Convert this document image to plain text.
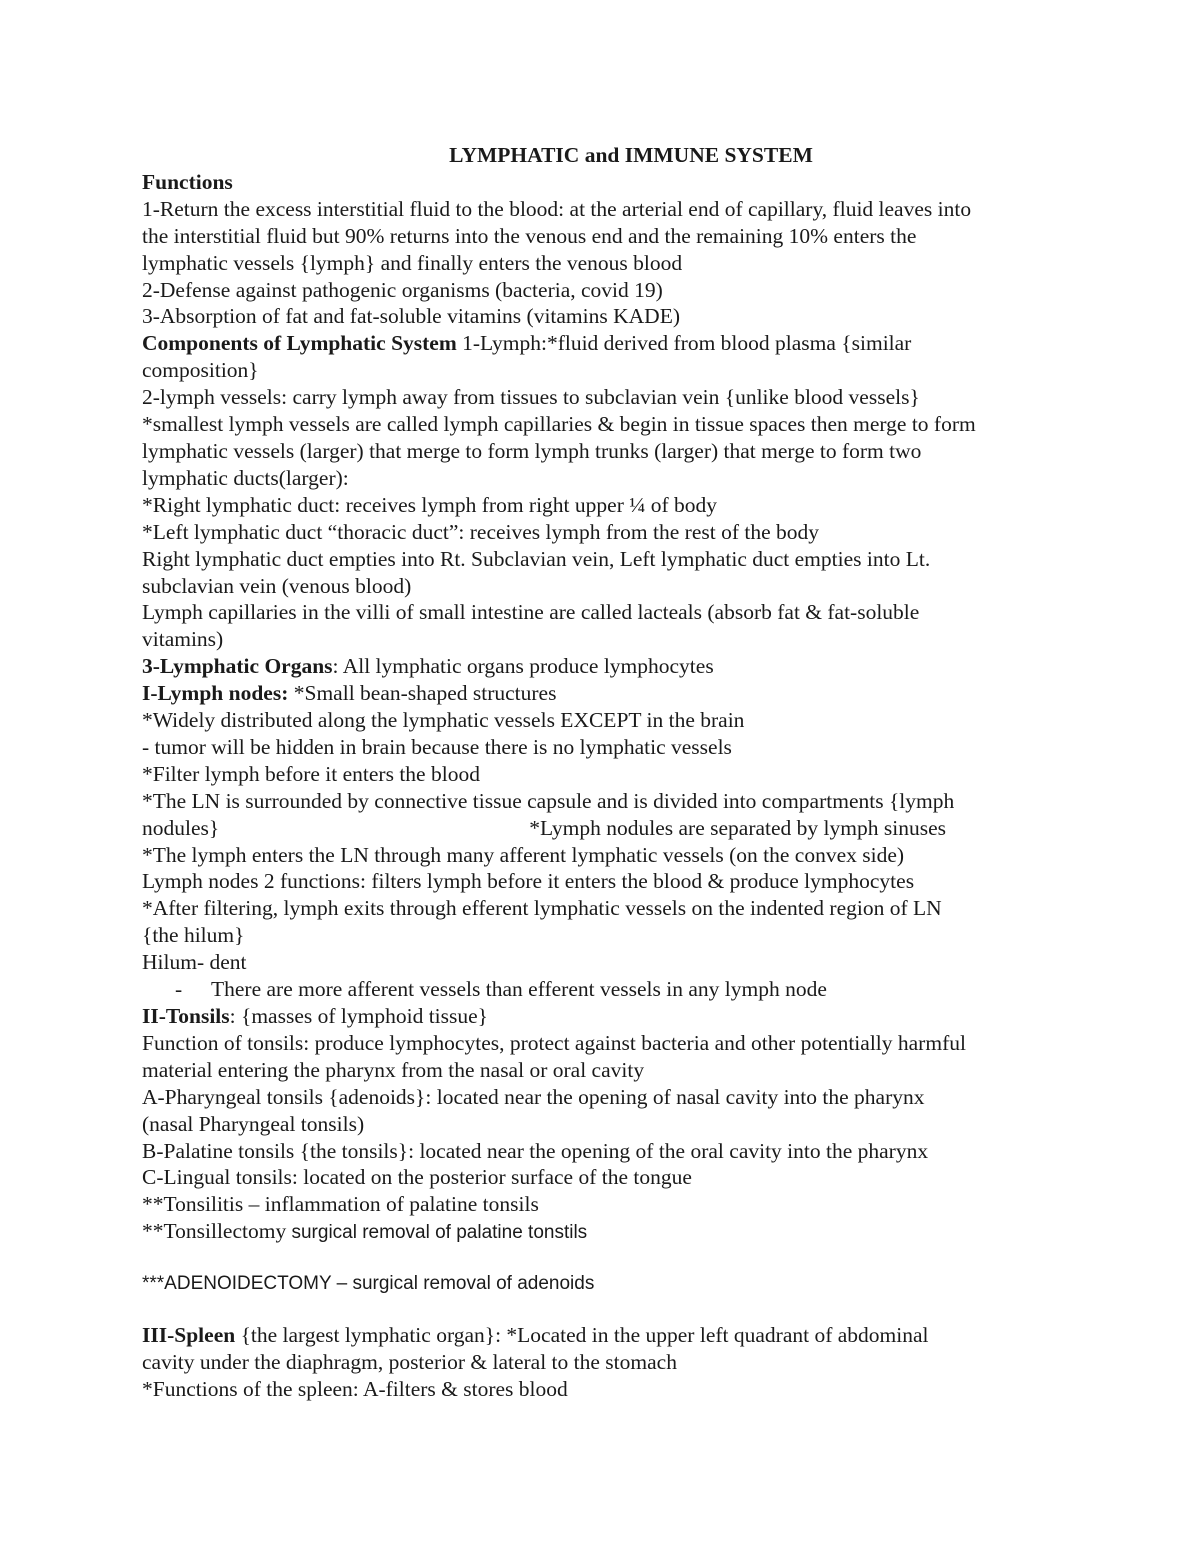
LYMPHATIC and IMMUNE SYSTEM
Functions
1-Return the excess interstitial fluid to the blood: at the arterial end of capillary, fluid leaves into
the interstitial fluid but 90% returns into the venous end and the remaining 10% enters the
lymphatic vessels {lymph} and finally enters the venous blood
2-Defense against pathogenic organisms (bacteria, covid 19)
3-Absorption of fat and fat-soluble vitamins (vitamins KADE)
Components of Lymphatic System 1-Lymph:*fluid derived from blood plasma {similar
composition}
2-lymph vessels: carry lymph away from tissues to subclavian vein {unlike blood vessels}
*smallest lymph vessels are called lymph capillaries & begin in tissue spaces then merge to form
lymphatic vessels (larger) that merge to form lymph trunks (larger) that merge to form two
lymphatic ducts(larger):
*Right lymphatic duct: receives lymph from right upper ¼ of body
*Left lymphatic duct “thoracic duct”: receives lymph from the rest of the body
Right lymphatic duct empties into Rt. Subclavian vein, Left lymphatic duct empties into Lt.
subclavian vein (venous blood)
Lymph capillaries in the villi of small intestine are called lacteals (absorb fat & fat-soluble
vitamins)
3-Lymphatic Organs: All lymphatic organs produce lymphocytes
I-Lymph nodes: *Small bean-shaped structures
*Widely distributed along the lymphatic vessels EXCEPT in the brain
- tumor will be hidden in brain because there is no lymphatic vessels
*Filter lymph before it enters the blood
*The LN is surrounded by connective tissue capsule and is divided into compartments {lymph
nodules}	*Lymph nodules are separated by lymph sinuses
*The lymph enters the LN through many afferent lymphatic vessels (on the convex side)
Lymph nodes 2 functions: filters lymph before it enters the blood & produce lymphocytes
*After filtering, lymph exits through efferent lymphatic vessels on the indented region of LN
{the hilum}
Hilum- dent
- There are more afferent vessels than efferent vessels in any lymph node
II-Tonsils: {masses of lymphoid tissue}
Function of tonsils: produce lymphocytes, protect against bacteria and other potentially harmful
material entering the pharynx from the nasal or oral cavity
A-Pharyngeal tonsils {adenoids}: located near the opening of nasal cavity into the pharynx
(nasal Pharyngeal tonsils)
B-Palatine tonsils {the tonsils}: located near the opening of the oral cavity into the pharynx
C-Lingual tonsils: located on the posterior surface of the tongue
**Tonsilitis – inflammation of palatine tonsils
**Tonsillectomy surgical removal of palatine tonstils
***ADENOIDECTOMY – surgical removal of adenoids
III-Spleen {the largest lymphatic organ}: *Located in the upper left quadrant of abdominal
cavity under the diaphragm, posterior & lateral to the stomach
*Functions of the spleen: A-filters & stores blood
